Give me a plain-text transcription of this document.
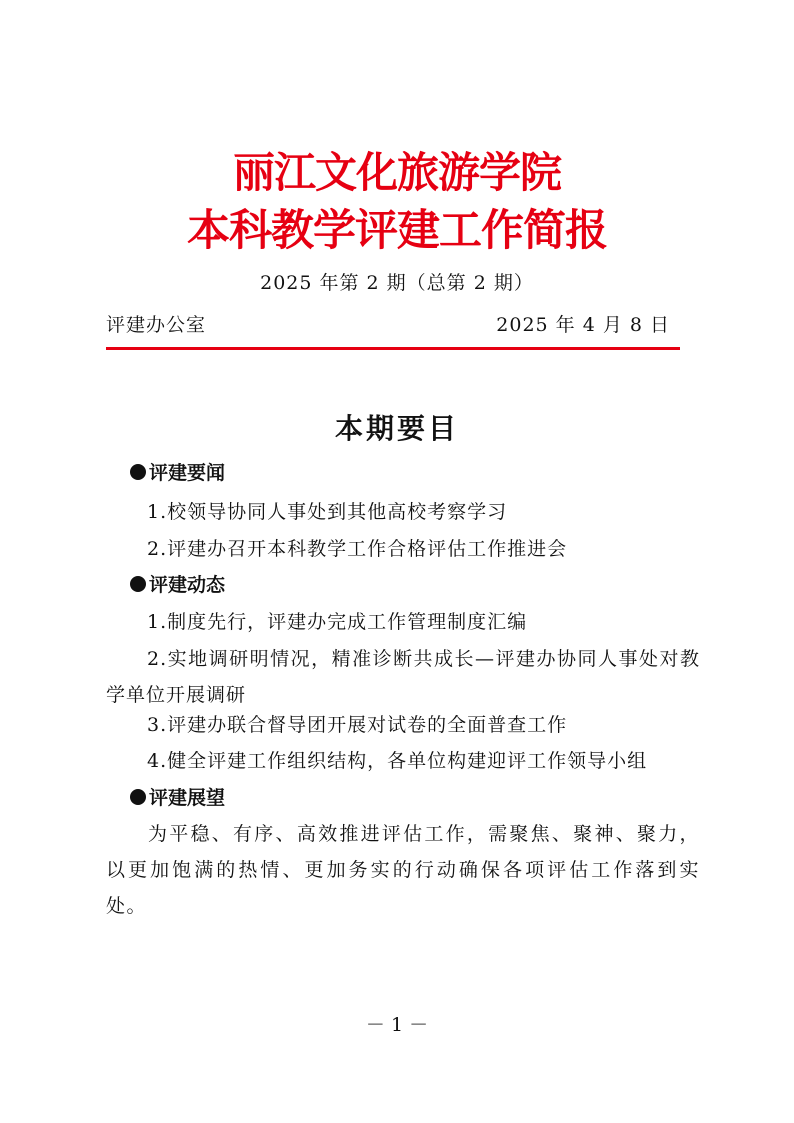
丽江文化旅游学院
本科教学评建工作简报
2025 年第 2 期（总第 2 期）
评建办公室	2025 年 4 月 8 日
本期要目
评建要闻
1.校领导协同人事处到其他高校考察学习
2.评建办召开本科教学工作合格评估工作推进会
评建动态
1.制度先行，评建办完成工作管理制度汇编
2.实地调研明情况，精准诊断共成长—评建办协同人事处对教学单位开展调研
3.评建办联合督导团开展对试卷的全面普查工作
4.健全评建工作组织结构，各单位构建迎评工作领导小组
评建展望
为平稳、有序、高效推进评估工作，需聚焦、聚神、聚力，以更加饱满的热情、更加务实的行动确保各项评估工作落到实处。
－ 1 －
